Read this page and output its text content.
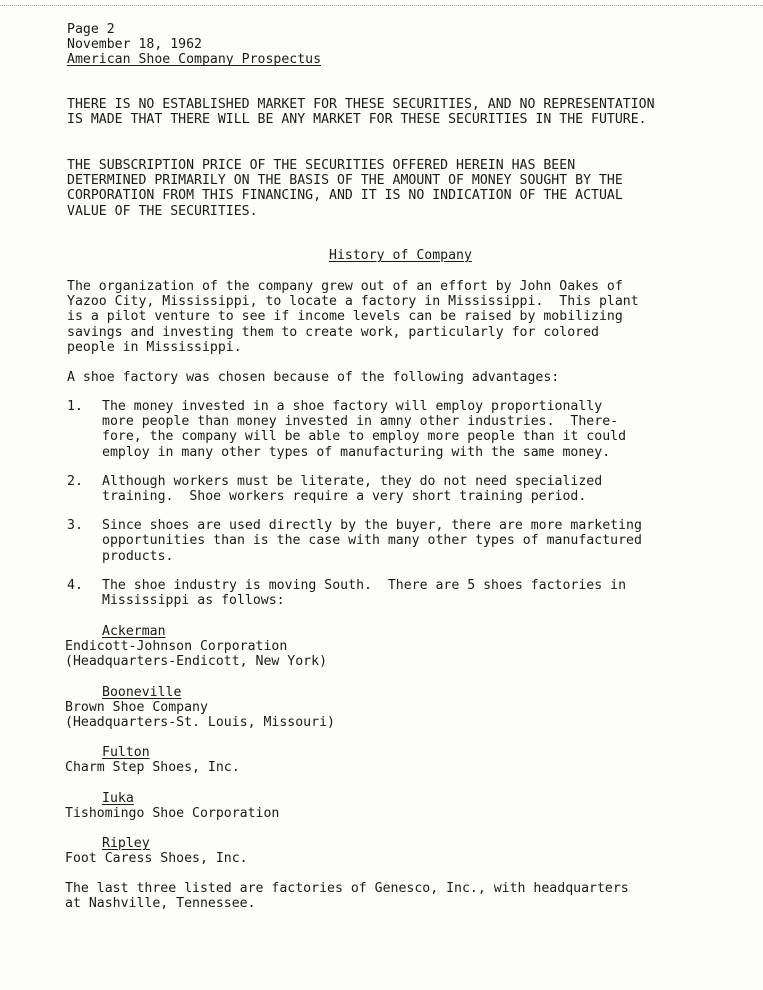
Page 2
November 18, 1962
American Shoe Company Prospectus
THERE IS NO ESTABLISHED MARKET FOR THESE SECURITIES, AND NO REPRESENTATION
IS MADE THAT THERE WILL BE ANY MARKET FOR THESE SECURITIES IN THE FUTURE.
THE SUBSCRIPTION PRICE OF THE SECURITIES OFFERED HEREIN HAS BEEN
DETERMINED PRIMARILY ON THE BASIS OF THE AMOUNT OF MONEY SOUGHT BY THE
CORPORATION FROM THIS FINANCING, AND IT IS NO INDICATION OF THE ACTUAL
VALUE OF THE SECURITIES.
History of Company
The organization of the company grew out of an effort by John Oakes of
Yazoo City, Mississippi, to locate a factory in Mississippi.  This plant
is a pilot venture to see if income levels can be raised by mobilizing
savings and investing them to create work, particularly for colored
people in Mississippi.
A shoe factory was chosen because of the following advantages:
1.	The money invested in a shoe factory will employ proportionally
more people than money invested in amny other industries.  There-
fore, the company will be able to employ more people than it could
employ in many other types of manufacturing with the same money.
2.	Although workers must be literate, they do not need specialized
training.  Shoe workers require a very short training period.
3.	Since shoes are used directly by the buyer, there are more marketing
opportunities than is the case with many other types of manufactured
products.
4.	The shoe industry is moving South.  There are 5 shoes factories in
Mississippi as follows:
Ackerman
Endicott-Johnson Corporation
(Headquarters-Endicott, New York)
Booneville
Brown Shoe Company
(Headquarters-St. Louis, Missouri)
Fulton
Charm Step Shoes, Inc.
Iuka
Tishomingo Shoe Corporation
Ripley
Foot Caress Shoes, Inc.
The last three listed are factories of Genesco, Inc., with headquarters
at Nashville, Tennessee.
